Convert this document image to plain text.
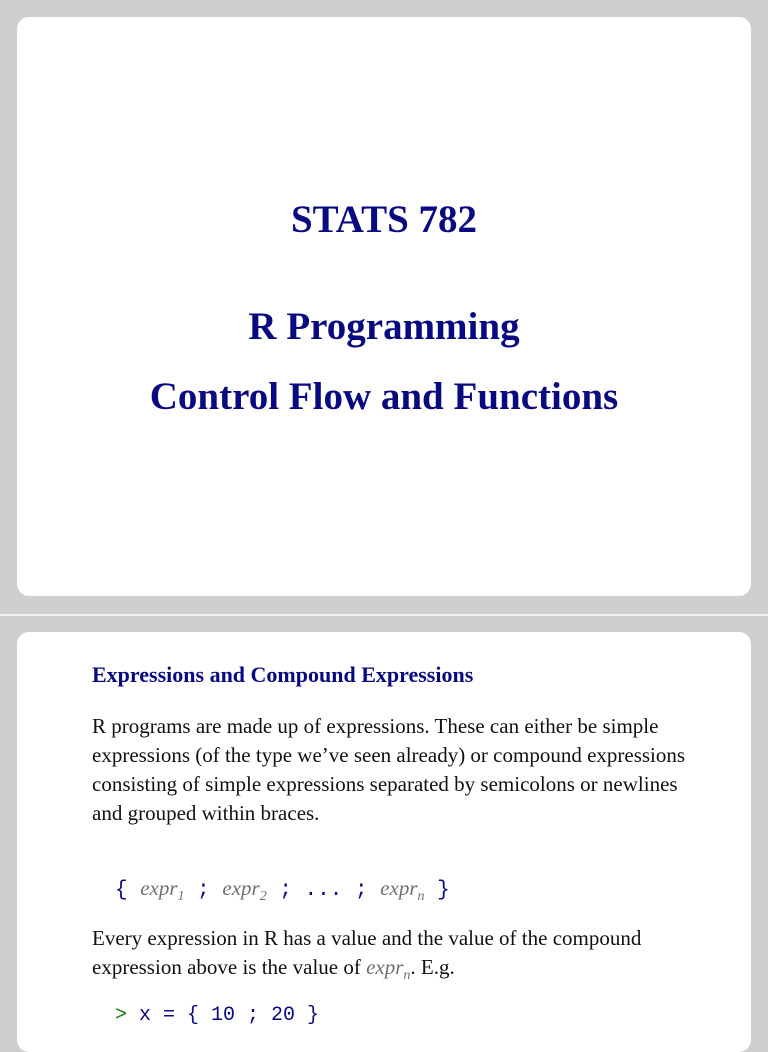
STATS 782
R Programming
Control Flow and Functions
Expressions and Compound Expressions
R programs are made up of expressions. These can either be simple expressions (of the type we’ve seen already) or compound expressions consisting of simple expressions separated by semicolons or newlines and grouped within braces.
{ expr$_1$ ; expr$_2$ ; ... ; expr$_n$ }
Every expression in R has a value and the value of the compound expression above is the value of expr$_n$. E.g.
> x = { 10 ; 20 }
